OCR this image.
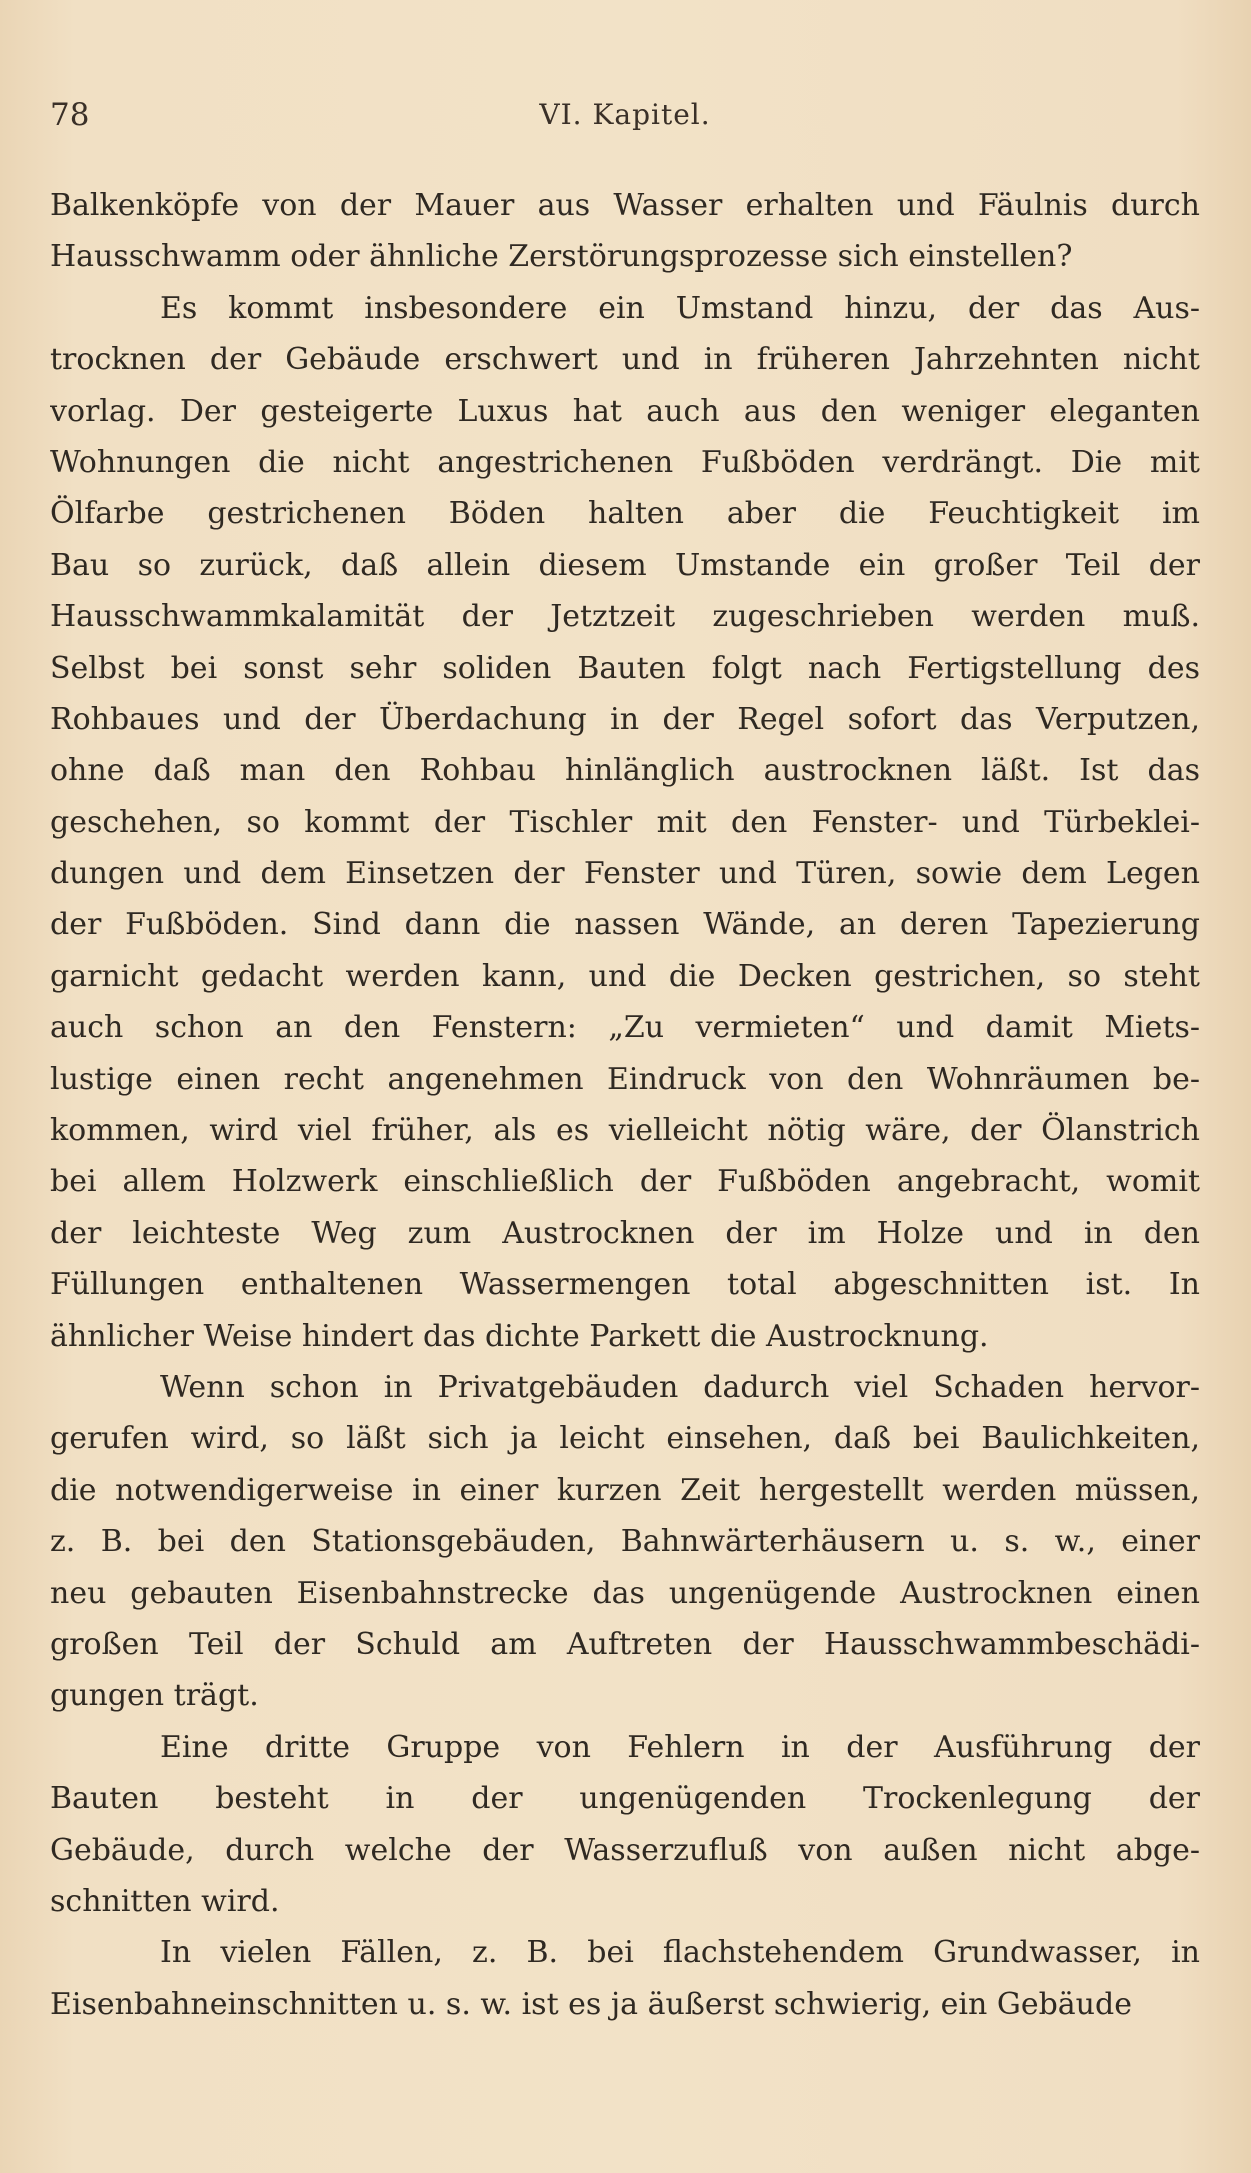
78	VI. Kapitel.
Balkenköpfe von der Mauer aus Wasser erhalten und Fäulnis durch
Hausschwamm oder ähnliche Zerstörungsprozesse sich einstellen?
Es kommt insbesondere ein Umstand hinzu, der das Aus-
trocknen der Gebäude erschwert und in früheren Jahrzehnten nicht
vorlag. Der gesteigerte Luxus hat auch aus den weniger eleganten
Wohnungen die nicht angestrichenen Fußböden verdrängt. Die mit
Ölfarbe gestrichenen Böden halten aber die Feuchtigkeit im
Bau so zurück, daß allein diesem Umstande ein großer Teil der
Hausschwammkalamität der Jetztzeit zugeschrieben werden muß.
Selbst bei sonst sehr soliden Bauten folgt nach Fertigstellung des
Rohbaues und der Überdachung in der Regel sofort das Verputzen,
ohne daß man den Rohbau hinlänglich austrocknen läßt. Ist das
geschehen, so kommt der Tischler mit den Fenster- und Türbeklei-
dungen und dem Einsetzen der Fenster und Türen, sowie dem Legen
der Fußböden. Sind dann die nassen Wände, an deren Tapezierung
garnicht gedacht werden kann, und die Decken gestrichen, so steht
auch schon an den Fenstern: „Zu vermieten“ und damit Miets-
lustige einen recht angenehmen Eindruck von den Wohnräumen be-
kommen, wird viel früher, als es vielleicht nötig wäre, der Ölanstrich
bei allem Holzwerk einschließlich der Fußböden angebracht, womit
der leichteste Weg zum Austrocknen der im Holze und in den
Füllungen enthaltenen Wassermengen total abgeschnitten ist. In
ähnlicher Weise hindert das dichte Parkett die Austrocknung.
Wenn schon in Privatgebäuden dadurch viel Schaden hervor-
gerufen wird, so läßt sich ja leicht einsehen, daß bei Baulichkeiten,
die notwendigerweise in einer kurzen Zeit hergestellt werden müssen,
z. B. bei den Stationsgebäuden, Bahnwärterhäusern u. s. w., einer
neu gebauten Eisenbahnstrecke das ungenügende Austrocknen einen
großen Teil der Schuld am Auftreten der Hausschwammbeschädi-
gungen trägt.
Eine dritte Gruppe von Fehlern in der Ausführung der
Bauten besteht in der ungenügenden Trockenlegung der
Gebäude, durch welche der Wasserzufluß von außen nicht abge-
schnitten wird.
In vielen Fällen, z. B. bei flachstehendem Grundwasser, in
Eisenbahneinschnitten u. s. w. ist es ja äußerst schwierig, ein Gebäude
